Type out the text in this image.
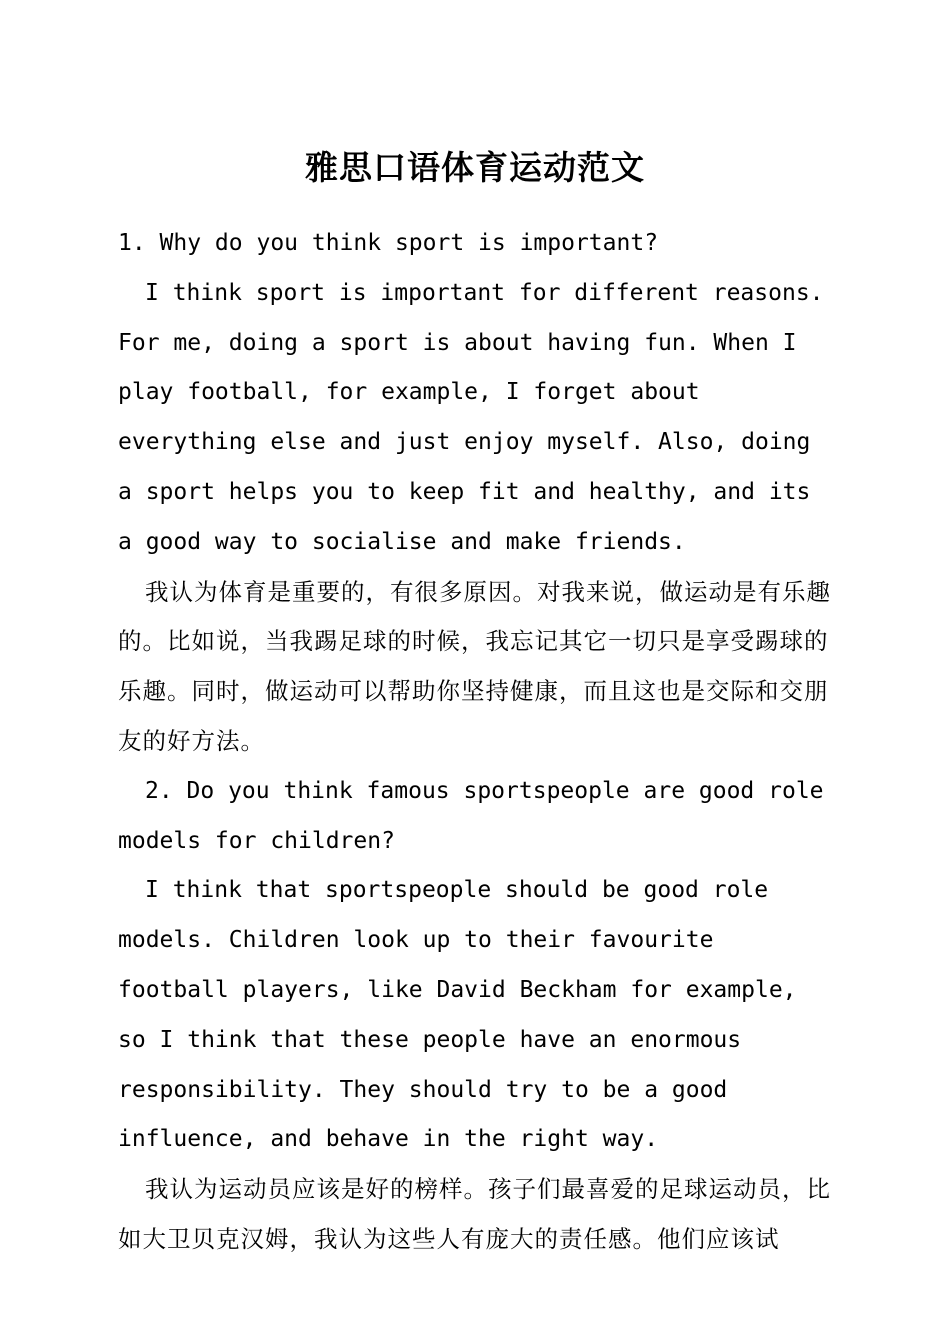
雅思口语体育运动范文

1. Why do you think sport is important?

I think sport is important for different reasons. For me, doing a sport is about having fun. When I play football, for example, I forget about everything else and just enjoy myself. Also, doing a sport helps you to keep fit and healthy, and its a good way to socialise and make friends.

我认为体育是重要的，有很多原因。对我来说，做运动是有乐趣的。比如说，当我踢足球的时候，我忘记其它一切只是享受踢球的乐趣。同时，做运动可以帮助你坚持健康，而且这也是交际和交朋友的好方法。

2. Do you think famous sportspeople are good role models for children?

I think that sportspeople should be good role models. Children look up to their favourite football players, like David Beckham for example, so I think that these people have an enormous responsibility. They should try to be a good influence, and behave in the right way.

我认为运动员应该是好的榜样。孩子们最喜爱的足球运动员，比如大卫贝克汉姆，我认为这些人有庞大的责任感。他们应该试
